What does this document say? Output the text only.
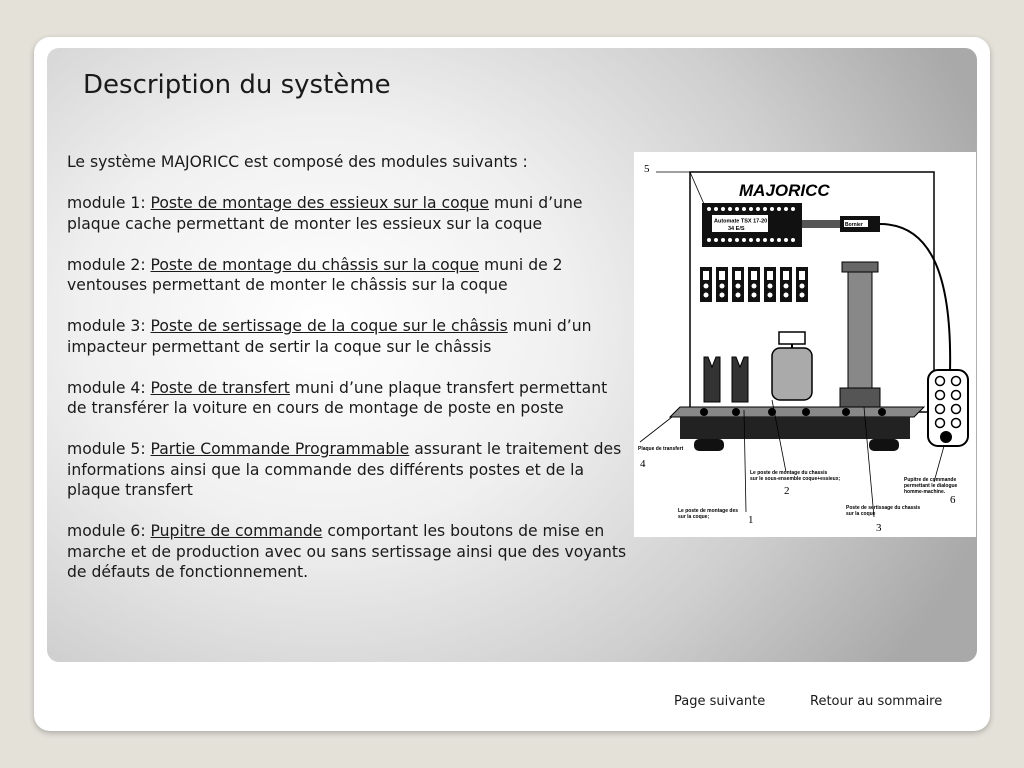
Description du système

Le système MAJORICC est composé des modules suivants :

module 1: Poste de montage des essieux sur la coque muni d’une plaque cache permettant de monter les essieux sur la coque

module 2: Poste de montage du châssis sur la coque muni de 2 ventouses permettant de monter le châssis sur la coque

module 3: Poste de sertissage de la coque sur le châssis muni d’un impacteur permettant de sertir la coque sur le châssis

module 4: Poste de transfert muni d’une plaque transfert permettant de transférer la voiture en cours de montage de poste en poste

module 5: Partie Commande Programmable assurant le traitement des informations ainsi que la commande des différents postes et de la plaque transfert

module 6: Pupitre de commande comportant les boutons de mise en marche et de production avec ou sans sertissage ainsi que des voyants de défauts de fonctionnement.

MAJORICC
Automate TSX 17-20
34 E/S
Bornier
5
Plaque de transfert
4
Le poste de montage du chassis
sur le sous-ensemble coque+essieux;
2
Le poste de montage des
sur la coque;	1
Poste de sertissage du chassis
sur la coque
3
Pupitre de commande
permettant le dialogue
homme-machine.
6
Page suivante	Retour au sommaire
